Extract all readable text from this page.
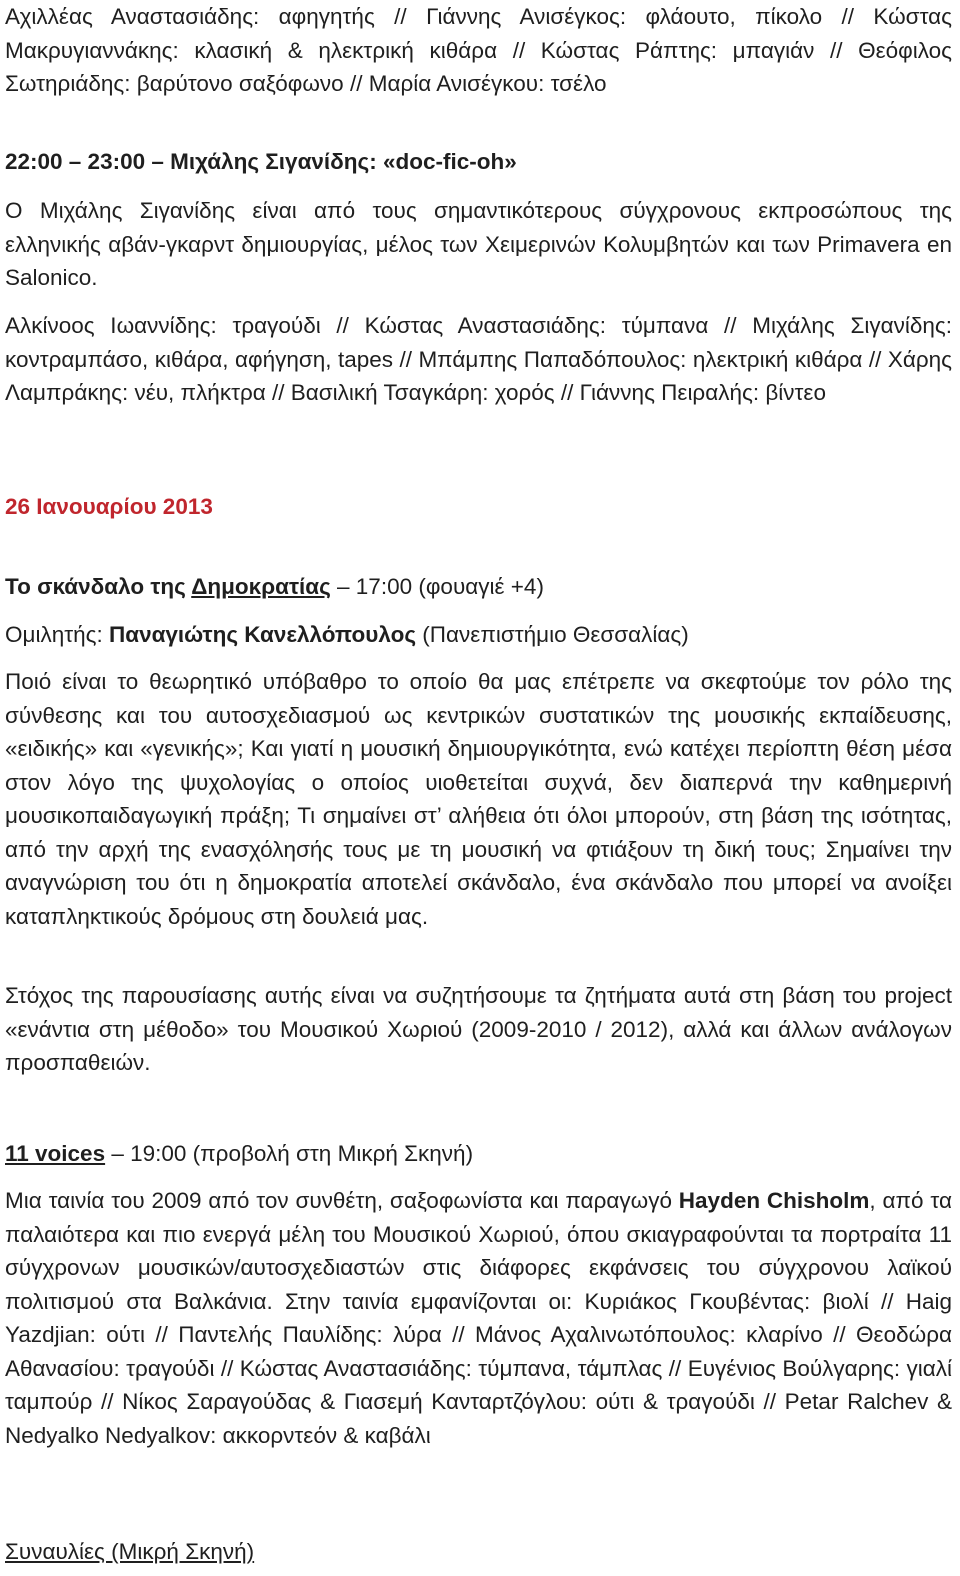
Αχιλλέας Αναστασιάδης: αφηγητής // Γιάννης Ανισέγκος: φλάουτο, πίκολο // Κώστας Μακρυγιαννάκης: κλασική & ηλεκτρική κιθάρα // Κώστας Ράπτης: μπαγιάν // Θεόφιλος Σωτηριάδης: βαρύτονο σαξόφωνο // Μαρία Ανισέγκου: τσέλο

22:00 – 23:00 – Μιχάλης Σιγανίδης: «doc-fic-oh»

Ο Μιχάλης Σιγανίδης είναι από τους σημαντικότερους σύγχρονους εκπροσώπους της ελληνικής αβάν-γκαρντ δημιουργίας, μέλος των Χειμερινών Κολυμβητών και των Primavera en Salonico.

Αλκίνοος Ιωαννίδης: τραγούδι // Κώστας Αναστασιάδης: τύμπανα // Μιχάλης Σιγανίδης: κοντραμπάσο, κιθάρα, αφήγηση, tapes // Μπάμπης Παπαδόπουλος: ηλεκτρική κιθάρα // Χάρης Λαμπράκης: νέυ, πλήκτρα // Βασιλική Τσαγκάρη: χορός // Γιάννης Πειραλής: βίντεο

26 Ιανουαρίου 2013

Το σκάνδαλο της Δημοκρατίας – 17:00 (φουαγιέ +4)

Ομιλητής: Παναγιώτης Κανελλόπουλος (Πανεπιστήμιο Θεσσαλίας)

Ποιό είναι το θεωρητικό υπόβαθρο το οποίο θα μας επέτρεπε να σκεφτούμε τον ρόλο της σύνθεσης και του αυτοσχεδιασμού ως κεντρικών συστατικών της μουσικής εκπαίδευσης, «ειδικής» και «γενικής»; Και γιατί η μουσική δημιουργικότητα, ενώ κατέχει περίοπτη θέση μέσα στον λόγο της ψυχολογίας ο οποίος υιοθετείται συχνά, δεν διαπερνά την καθημερινή μουσικοπαιδαγωγική πράξη; Τι σημαίνει στ’ αλήθεια ότι όλοι μπορούν, στη βάση της ισότητας, από την αρχή της ενασχόλησής τους με τη μουσική να φτιάξουν τη δική τους; Σημαίνει την αναγνώριση του ότι η δημοκρατία αποτελεί σκάνδαλο, ένα σκάνδαλο που μπορεί να ανοίξει καταπληκτικούς δρόμους στη δουλειά μας.

Στόχος της παρουσίασης αυτής είναι να συζητήσουμε τα ζητήματα αυτά στη βάση του project «ενάντια στη μέθοδο» του Μουσικού Χωριού (2009-2010 / 2012), αλλά και άλλων ανάλογων προσπαθειών.

11 voices – 19:00 (προβολή στη Μικρή Σκηνή)

Μια ταινία του 2009 από τον συνθέτη, σαξοφωνίστα και παραγωγό Hayden Chisholm, από τα παλαιότερα και πιο ενεργά μέλη του Μουσικού Χωριού, όπου σκιαγραφούνται τα πορτραίτα 11 σύγχρονων μουσικών/αυτοσχεδιαστών στις διάφορες εκφάνσεις του σύγχρονου λαϊκού πολιτισμού στα Βαλκάνια. Στην ταινία εμφανίζονται οι: Κυριάκος Γκουβέντας: βιολί // Haig Yazdjian: ούτι // Παντελής Παυλίδης: λύρα // Μάνος Αχαλινωτόπουλος: κλαρίνο // Θεοδώρα Αθανασίου: τραγούδι // Κώστας Αναστασιάδης: τύμπανα, τάμπλας // Ευγένιος Βούλγαρης: γιαλί ταμπούρ // Νίκος Σαραγούδας & Γιασεμή Κανταρτζόγλου: ούτι & τραγούδι // Petar Ralchev & Nedyalko Nedyalkov: ακκορντεόν & καβάλι

Συναυλίες (Μικρή Σκηνή)
